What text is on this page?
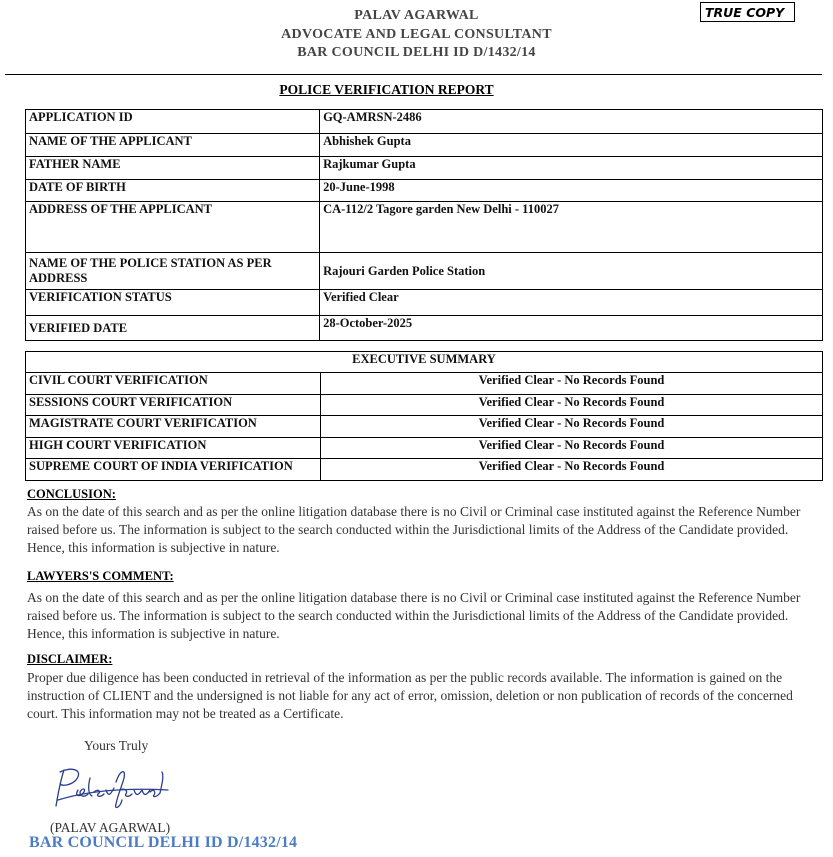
PALAV AGARWAL
ADVOCATE AND LEGAL CONSULTANT
BAR COUNCIL DELHI ID D/1432/14
TRUE COPY
POLICE VERIFICATION REPORT
APPLICATION ID	GQ-AMRSN-2486
NAME OF THE APPLICANT	Abhishek Gupta
FATHER NAME	Rajkumar Gupta
DATE OF BIRTH	20-June-1998
ADDRESS OF THE APPLICANT	CA-112/2 Tagore garden New Delhi - 110027
NAME OF THE POLICE STATION AS PER ADDRESS	Rajouri Garden Police Station
VERIFICATION STATUS	Verified Clear
VERIFIED DATE	28-October-2025
EXECUTIVE SUMMARY	
CIVIL COURT VERIFICATION	Verified Clear - No Records Found
SESSIONS COURT VERIFICATION	Verified Clear - No Records Found
MAGISTRATE COURT VERIFICATION	Verified Clear - No Records Found
HIGH COURT VERIFICATION	Verified Clear - No Records Found
SUPREME COURT OF INDIA VERIFICATION	Verified Clear - No Records Found
CONCLUSION:
As on the date of this search and as per the online litigation database there is no Civil or Criminal case instituted against the Reference Number raised before us. The information is subject to the search conducted within the Jurisdictional limits of the Address of the Candidate provided. Hence, this information is subjective in nature.
LAWYERS'S COMMENT:
As on the date of this search and as per the online litigation database there is no Civil or Criminal case instituted against the Reference Number raised before us. The information is subject to the search conducted within the Jurisdictional limits of the Address of the Candidate provided. Hence, this information is subjective in nature.
DISCLAIMER:
Proper due diligence has been conducted in retrieval of the information as per the public records available. The information is gained on the instruction of CLIENT and the undersigned is not liable for any act of error, omission, deletion or non publication of records of the concerned court. This information may not be treated as a Certificate.
Yours Truly
(PALAV AGARWAL)
BAR COUNCIL DELHI ID D/1432/14
